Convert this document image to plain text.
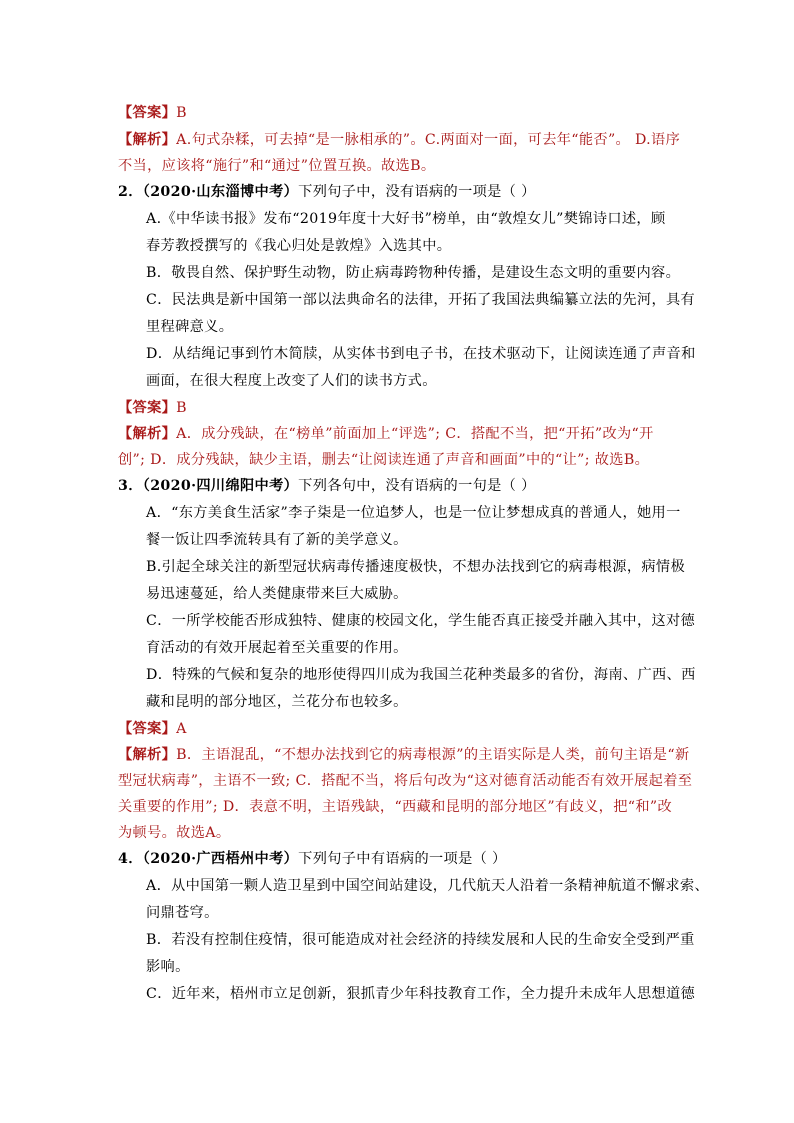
【答案】B
【解析】A.句式杂糅，可去掉“是一脉相承的”。C.两面对一面，可去年“能否”。 D.语序
不当，应该将“施行”和“通过”位置互换。故选B。
2．（2020·山东淄博中考）下列句子中，没有语病的一项是（ ）
A.《中华读书报》发布“2019年度十大好书”榜单，由“敦煌女儿”樊锦诗口述，顾
春芳教授撰写的《我心归处是敦煌》入选其中。
B．敬畏自然、保护野生动物，防止病毒跨物种传播，是建设生态文明的重要内容。
C．民法典是新中国第一部以法典命名的法律，开拓了我国法典编纂立法的先河，具有
里程碑意义。
D．从结绳记事到竹木简牍，从实体书到电子书，在技术驱动下，让阅读连通了声音和
画面，在很大程度上改变了人们的读书方式。
【答案】B
【解析】A．成分残缺，在“榜单”前面加上“评选”; C．搭配不当，把“开拓”改为“开
创”; D．成分残缺，缺少主语，删去“让阅读连通了声音和画面”中的“让”; 故选B。
3．（2020·四川绵阳中考）下列各句中，没有语病的一句是（ ）
A．“东方美食生活家”李子柒是一位追梦人，也是一位让梦想成真的普通人，她用一
餐一饭让四季流转具有了新的美学意义。
B.引起全球关注的新型冠状病毒传播速度极快，不想办法找到它的病毒根源，病情极
易迅速蔓延，给人类健康带来巨大威胁。
C．一所学校能否形成独特、健康的校园文化，学生能否真正接受并融入其中，这对德
育活动的有效开展起着至关重要的作用。
D．特殊的气候和复杂的地形使得四川成为我国兰花种类最多的省份，海南、广西、西
藏和昆明的部分地区，兰花分布也较多。
【答案】A
【解析】B．主语混乱，“不想办法找到它的病毒根源”的主语实际是人类，前句主语是“新
型冠状病毒”，主语不一致; C．搭配不当，将后句改为“这对德育活动能否有效开展起着至
关重要的作用”; D．表意不明，主语残缺，“西藏和昆明的部分地区”有歧义，把“和”改
为顿号。故选A。
4．（2020·广西梧州中考）下列句子中有语病的一项是（ ）
A．从中国第一颗人造卫星到中国空间站建设，几代航天人沿着一条精神航道不懈求索、
问鼎苍穹。
B．若没有控制住疫情，很可能造成对社会经济的持续发展和人民的生命安全受到严重
影响。
C．近年来，梧州市立足创新，狠抓青少年科技教育工作，全力提升未成年人思想道德
